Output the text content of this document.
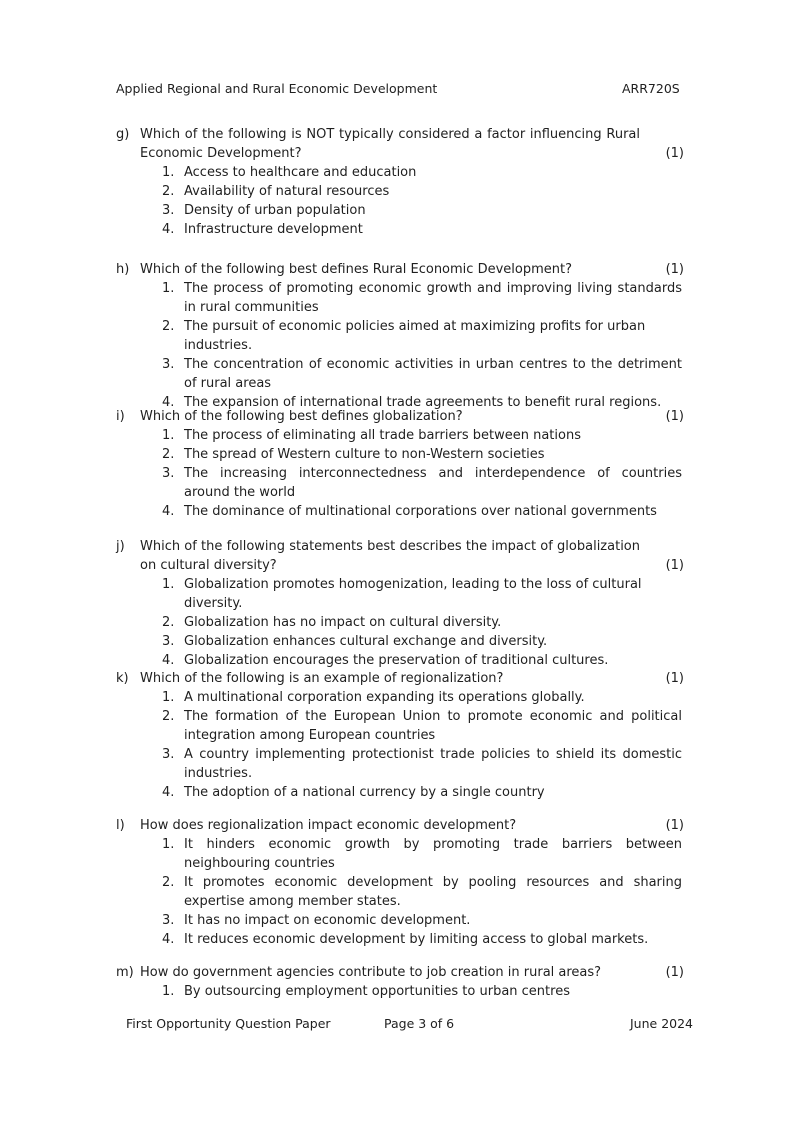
Applied Regional and Rural Economic Development	ARR720S
g) Which of the following is NOT typically considered a factor influencing Rural Economic Development?	(1)
1. Access to healthcare and education
2. Availability of natural resources
3. Density of urban population
4. Infrastructure development
h) Which of the following best defines Rural Economic Development?	(1)
1. The process of promoting economic growth and improving living standards in rural communities
2. The pursuit of economic policies aimed at maximizing profits for urban industries.
3. The concentration of economic activities in urban centres to the detriment of rural areas
4. The expansion of international trade agreements to benefit rural regions.
i) Which of the following best defines globalization?	(1)
1. The process of eliminating all trade barriers between nations
2. The spread of Western culture to non-Western societies
3. The increasing interconnectedness and interdependence of countries around the world
4. The dominance of multinational corporations over national governments
j) Which of the following statements best describes the impact of globalization on cultural diversity?	(1)
1. Globalization promotes homogenization, leading to the loss of cultural diversity.
2. Globalization has no impact on cultural diversity.
3. Globalization enhances cultural exchange and diversity.
4. Globalization encourages the preservation of traditional cultures.
k) Which of the following is an example of regionalization?	(1)
1. A multinational corporation expanding its operations globally.
2. The formation of the European Union to promote economic and political integration among European countries
3. A country implementing protectionist trade policies to shield its domestic industries.
4. The adoption of a national currency by a single country
l) How does regionalization impact economic development?	(1)
1. It hinders economic growth by promoting trade barriers between neighbouring countries
2. It promotes economic development by pooling resources and sharing expertise among member states.
3. It has no impact on economic development.
4. It reduces economic development by limiting access to global markets.
m) How do government agencies contribute to job creation in rural areas?	(1)
1. By outsourcing employment opportunities to urban centres
First Opportunity Question Paper	Page 3 of 6	June 2024
